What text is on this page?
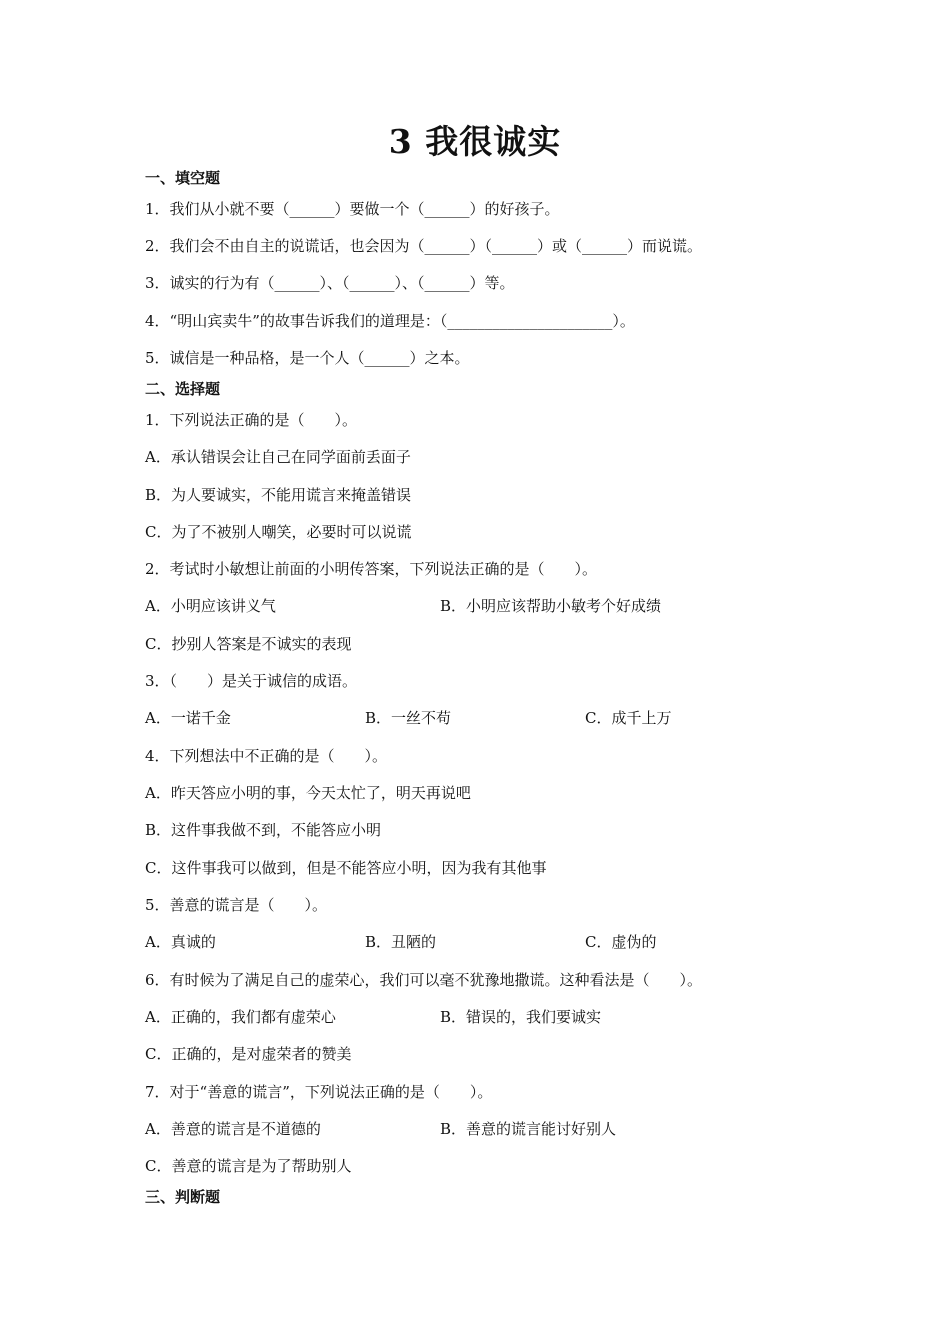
3 我很诚实
一、填空题
1．我们从小就不要（______）要做一个（______）的好孩子。
2．我们会不由自主的说谎话，也会因为（______）（______）或（______）而说谎。
3．诚实的行为有（______）、（______）、（______）等。
4．“明山宾卖牛”的故事告诉我们的道理是：（______________________）。
5．诚信是一种品格，是一个人（______）之本。
二、选择题
1．下列说法正确的是（　　）。
A．承认错误会让自己在同学面前丢面子
B．为人要诚实，不能用谎言来掩盖错误
C．为了不被别人嘲笑，必要时可以说谎
2．考试时小敏想让前面的小明传答案，下列说法正确的是（　　）。
A．小明应该讲义气	B．小明应该帮助小敏考个好成绩
C．抄别人答案是不诚实的表现
3．（　　）是关于诚信的成语。
A．一诺千金	B．一丝不苟	C．成千上万
4．下列想法中不正确的是（　　）。
A．昨天答应小明的事，今天太忙了，明天再说吧
B．这件事我做不到，不能答应小明
C．这件事我可以做到，但是不能答应小明，因为我有其他事
5．善意的谎言是（　　）。
A．真诚的	B．丑陋的	C．虚伪的
6．有时候为了满足自己的虚荣心，我们可以毫不犹豫地撒谎。这种看法是（　　）。
A．正确的，我们都有虚荣心	B．错误的，我们要诚实
C．正确的，是对虚荣者的赞美
7．对于“善意的谎言”，下列说法正确的是（　　）。
A．善意的谎言是不道德的	B．善意的谎言能讨好别人
C．善意的谎言是为了帮助别人
三、判断题
